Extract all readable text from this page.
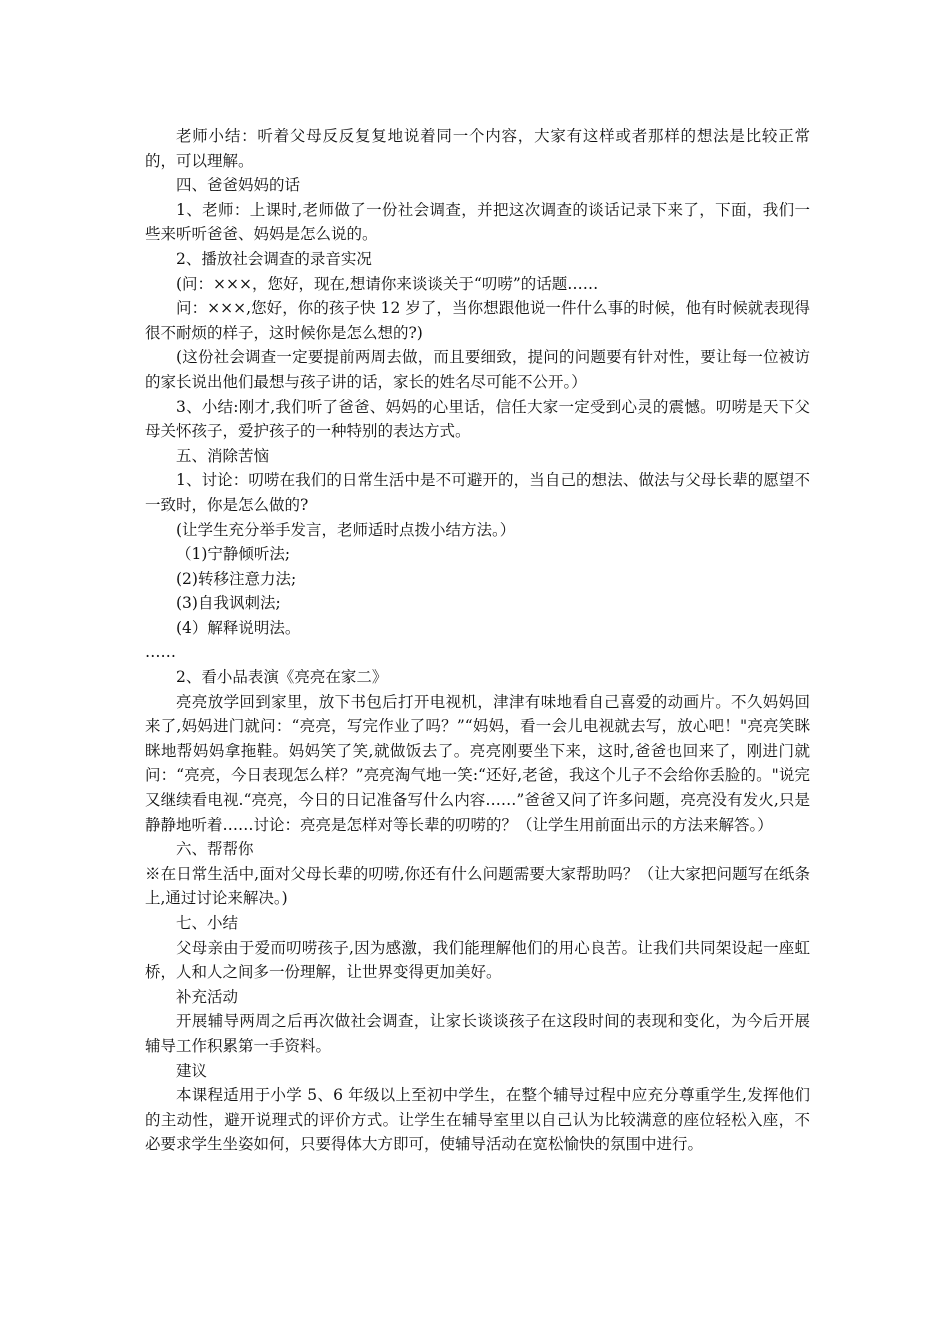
老师小结：听着父母反反复复地说着同一个内容，大家有这样或者那样的想法是比较正常的，可以理解。

四、爸爸妈妈的话

1、老师：上课时,老师做了一份社会调查，并把这次调查的谈话记录下来了，下面，我们一些来听听爸爸、妈妈是怎么说的。

2、播放社会调查的录音实况

(问：×××，您好，现在,想请你来谈谈关于“叨唠”的话题……

问：×××,您好，你的孩子快 12 岁了，当你想跟他说一件什么事的时候，他有时候就表现得很不耐烦的样子，这时候你是怎么想的?)

(这份社会调查一定要提前两周去做，而且要细致，提问的问题要有针对性，要让每一位被访的家长说出他们最想与孩子讲的话，家长的姓名尽可能不公开。）

3、小结:刚才,我们听了爸爸、妈妈的心里话，信任大家一定受到心灵的震憾。叨唠是天下父母关怀孩子，爱护孩子的一种特别的表达方式。

五、消除苦恼

1、讨论：叨唠在我们的日常生活中是不可避开的，当自己的想法、做法与父母长辈的愿望不一致时，你是怎么做的?

(让学生充分举手发言，老师适时点拨小结方法。）

（1)宁静倾听法;

(2)转移注意力法;

(3)自我讽刺法;

(4）解释说明法。

……

2、看小品表演《亮亮在家二》

亮亮放学回到家里，放下书包后打开电视机，津津有味地看自己喜爱的动画片。不久妈妈回来了,妈妈进门就问：“亮亮，写完作业了吗？”“妈妈，看一会儿电视就去写，放心吧！"亮亮笑眯眯地帮妈妈拿拖鞋。妈妈笑了笑,就做饭去了。亮亮刚要坐下来，这时,爸爸也回来了，刚进门就问：“亮亮，今日表现怎么样？”亮亮淘气地一笑:“还好,老爸，我这个儿子不会给你丢脸的。"说完又继续看电视.“亮亮，今日的日记准备写什么内容……”爸爸又问了许多问题，亮亮没有发火,只是静静地听着……讨论：亮亮是怎样对等长辈的叨唠的？（让学生用前面出示的方法来解答。）

六、帮帮你

※在日常生活中,面对父母长辈的叨唠,你还有什么问题需要大家帮助吗？（让大家把问题写在纸条上,通过讨论来解决。)

七、小结

父母亲由于爱而叨唠孩子,因为感激，我们能理解他们的用心良苦。让我们共同架设起一座虹桥，人和人之间多一份理解，让世界变得更加美好。

补充活动

开展辅导两周之后再次做社会调查，让家长谈谈孩子在这段时间的表现和变化，为今后开展辅导工作积累第一手资料。

建议

本课程适用于小学 5、6 年级以上至初中学生，在整个辅导过程中应充分尊重学生,发挥他们的主动性，避开说理式的评价方式。让学生在辅导室里以自己认为比较满意的座位轻松入座，不必要求学生坐姿如何，只要得体大方即可，使辅导活动在宽松愉快的氛围中进行。
